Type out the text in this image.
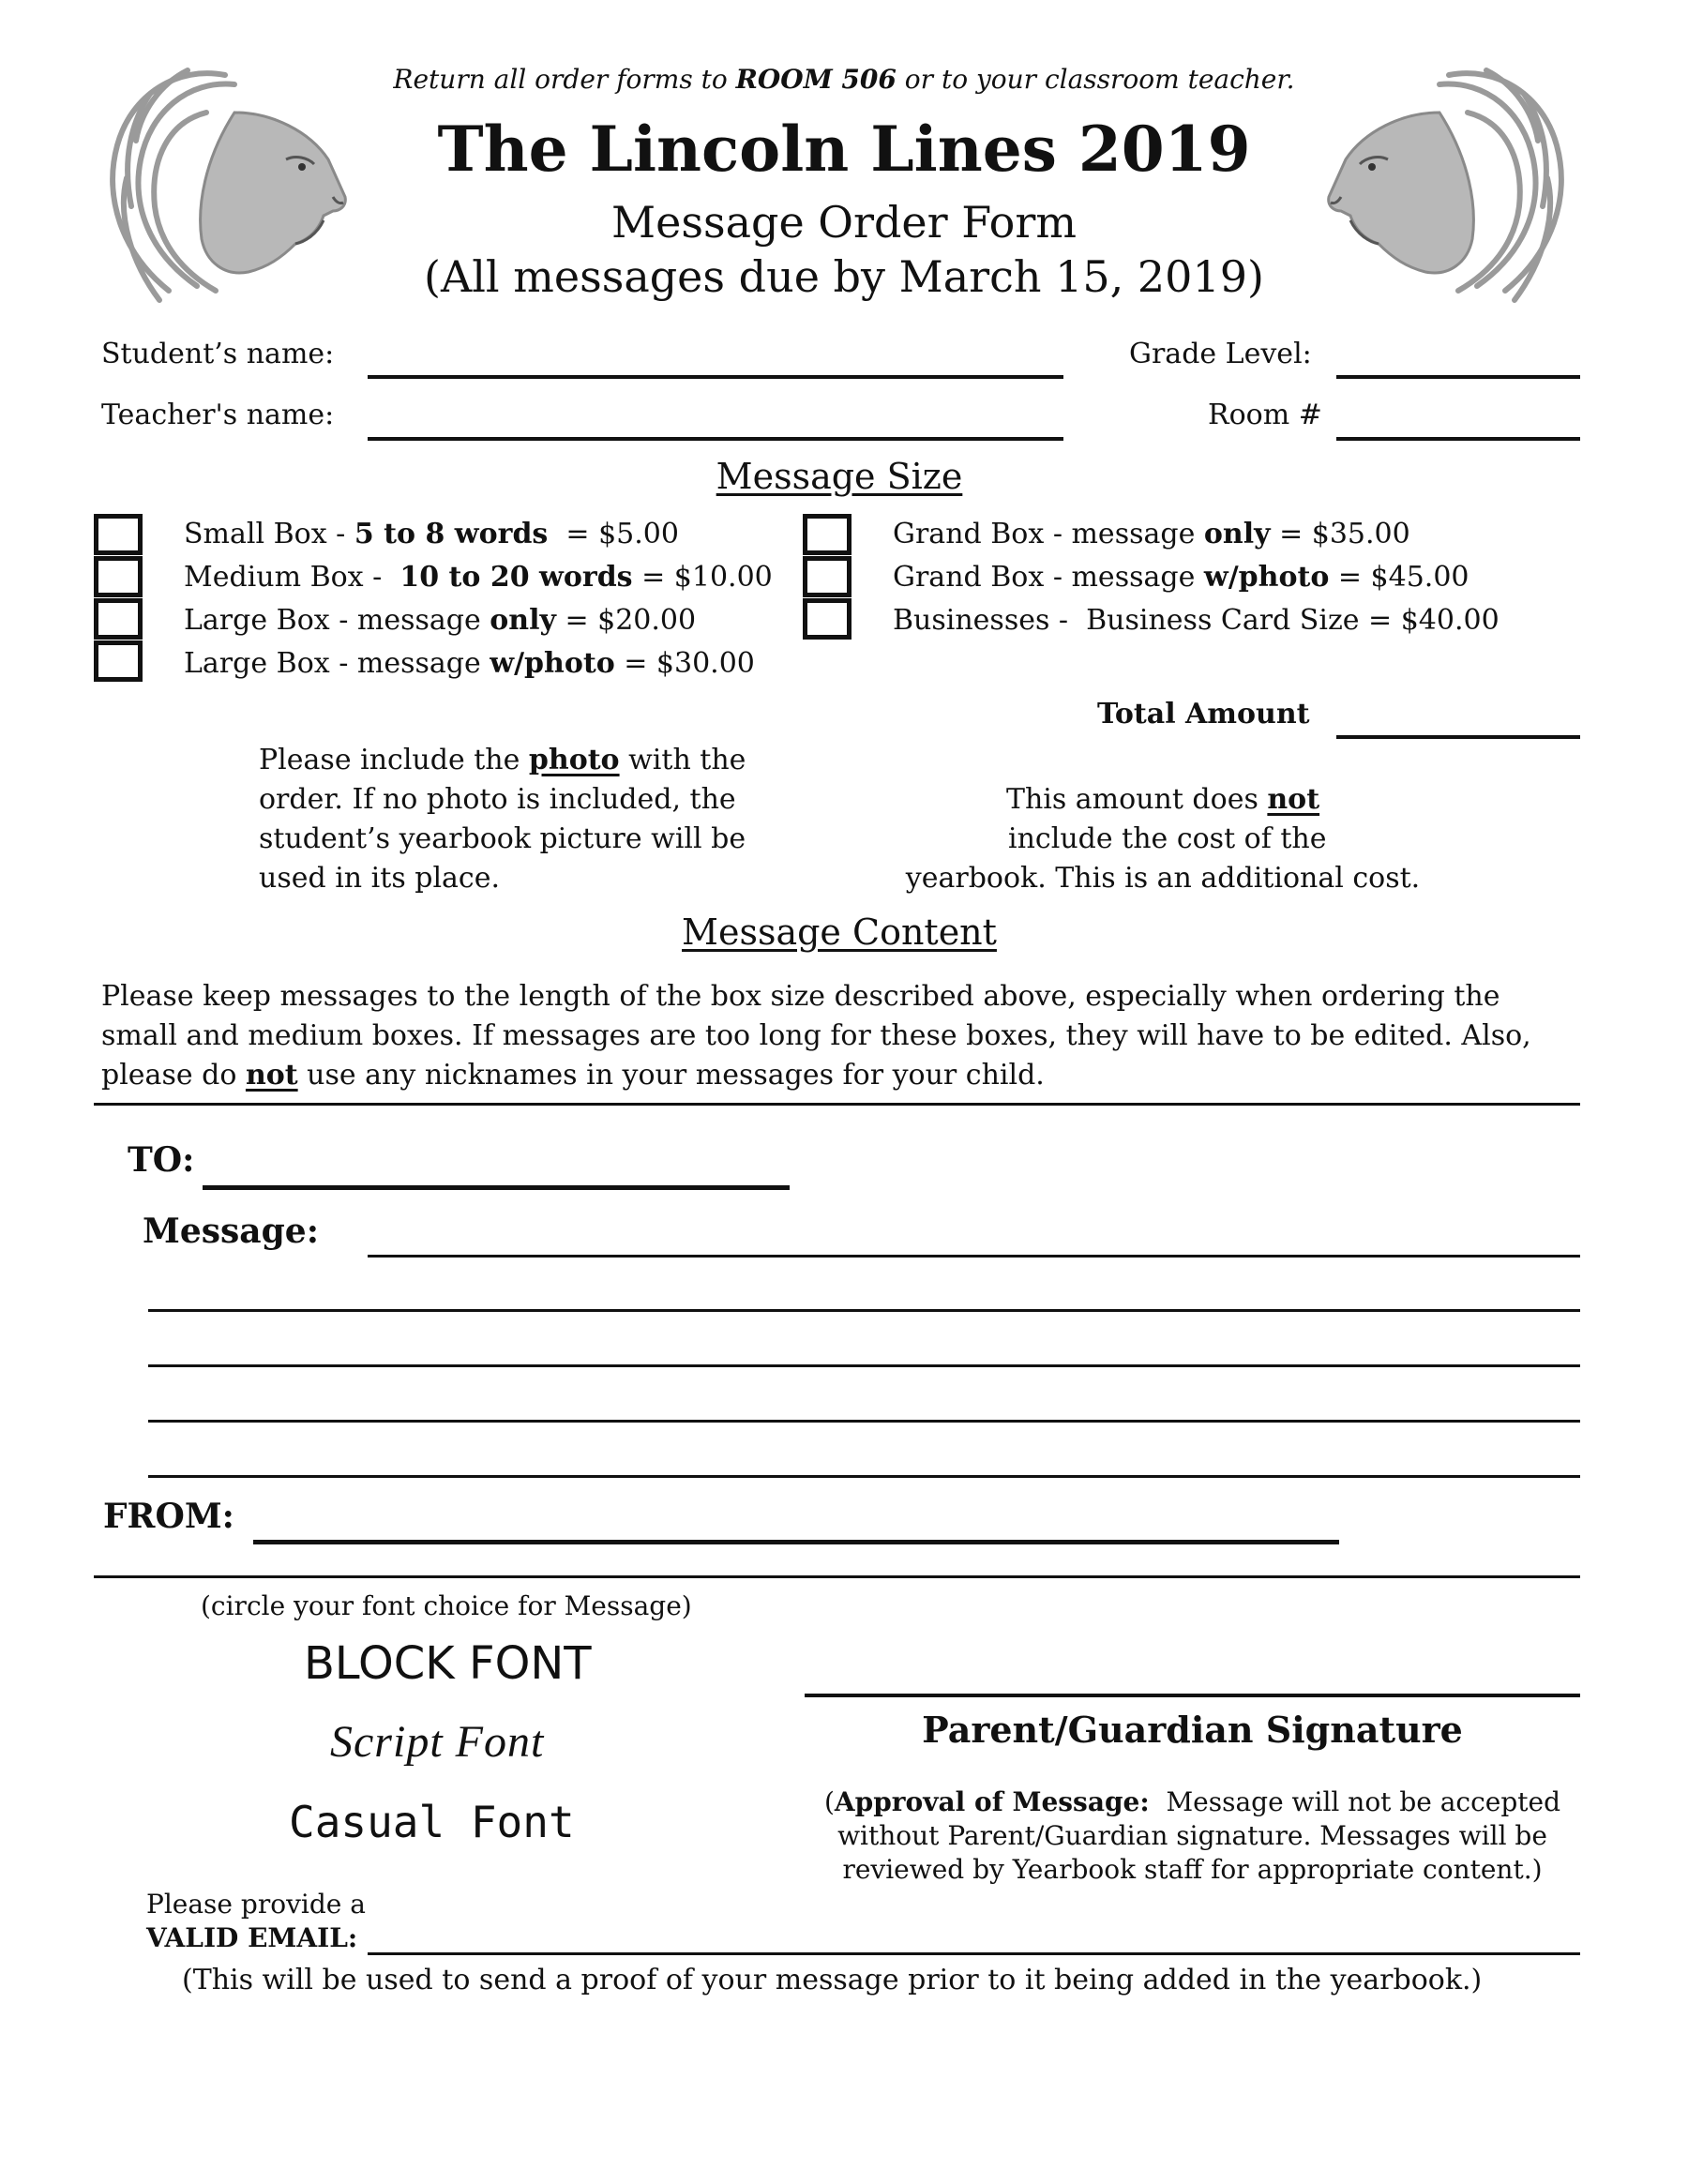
Return all order forms to ROOM 506 or to your classroom teacher.
The Lincoln Lines 2019
Message Order Form
(All messages due by March 15, 2019)
Student’s name:	Grade Level:
Teacher's name:	Room #
Message Size
Small Box - 5 to 8 words  = $5.00
Medium Box -  10 to 20 words = $10.00
Large Box - message only = $20.00
Large Box - message w/photo = $30.00
Grand Box - message only = $35.00
Grand Box - message w/photo = $45.00
Businesses -  Business Card Size = $40.00
Total Amount
Please include the photo with the
order. If no photo is included, the
student’s yearbook picture will be
used in its place.
This amount does not include the cost of the
yearbook. This is an additional cost.
Message Content
Please keep messages to the length of the box size described above, especially when ordering the
small and medium boxes. If messages are too long for these boxes, they will have to be edited. Also,
please do not use any nicknames in your messages for your child.
TO:
Message:
FROM:
(circle your font choice for Message)
BLOCK FONT
Script Font
Casual Font
Parent/Guardian Signature
(Approval of Message:  Message will not be accepted
without Parent/Guardian signature. Messages will be
reviewed by Yearbook staff for appropriate content.)
Please provide a
VALID EMAIL:
(This will be used to send a proof of your message prior to it being added in the yearbook.)
